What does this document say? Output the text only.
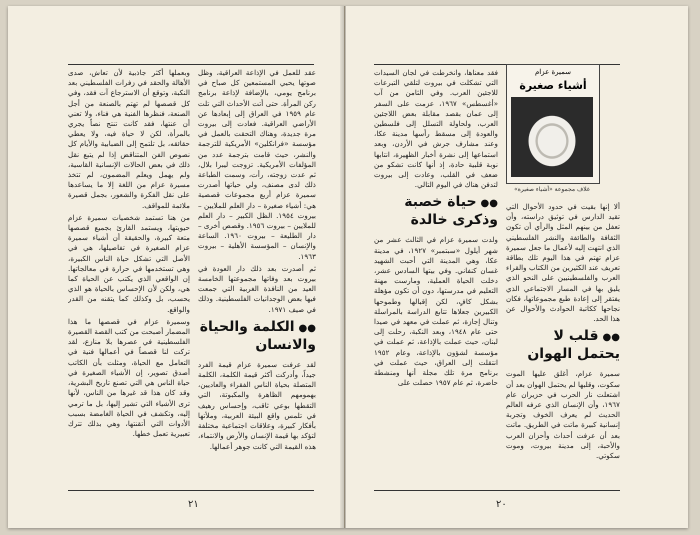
عقد للعمل في الإذاعة العراقية، وظل صوتها يحيي المستمعين كل صباح في برنامج يومي، بالإضافة لإذاعة برنامج ركن المرأة. حتى أتت الأحداث التي تلت عام ١٩٥٩ في العراق إلى إبعادها عن الأراضي العراقية. فعادت إلى بيروت مرة جديدة، وهناك التحقت بالعمل في مؤسسة «فرانكلين» الأمريكية للترجمة والنشر، حيث قامت بترجمة عدد من المؤلفات الأمريكية. تزوجت ليبرا بلال، ثم عدت زوجته، رأت، وسمت الطباعة ذلك لدى مصنف، ولي حياتها أصدرت سميرة عزام أربع مجموعات قصصية هي: أشياء صغيرة – دار العلم للملايين – بيروت ١٩٥٤. الظل الكبير – دار العلم للملايين – بيروت ١٩٥٦. وقصص أخرى – دار الطليعة – بيروت ١٩٦٠. الساعة والإنسان – المؤسسة الأهلية – بيروت ١٩٦٣.

ثم أصدرت بعد ذلك دار العودة في بيروت بعد وفاتها مجموعتها الخامسة العيد من النافذة الغربية التي جمعت فيها بعض الوجدانيات الفلسطينية. وذلك في صيف ١٩٧١.

●●الكلمة والحياة والانسان

لقد عرفت سميرة عزام قيمة الفرد جيداً، وأدركت أكثر قيمة الكلمة، الكلمة المتصلة بحياة الناس الفقراء والعاديين، بهمومهم الظاهرة والمكبوتة، التي التقطها بوعي ثاقب، وإحساس رهيف في تلمس واقع البيئة العربية، وملأتها بأفكار كبيرة، وعلاقات اجتماعية مختلفة لتؤكد بها قيمة الإنسان والأرض والانتماء، هذه القيمة التي كانت جوهر أعمالها.

وبعملها أكثر جاذبية لأن تعاش، صدى الأهالة والحقد في زفرات الفلسطيني بعد النكبة، وتوقع أن الاسترجاع آت فقد، وفي كل قصصها لم تهتم بالصنعة من أجل الصنعة، فنظرها الفنية هي فناء، ولا تعني أن عنتها، فقد كانت تنتج نصاً يجري بالمرأة، لكن لا حياة فيه، ولا يعطي حقائقه، بل تلتمح إلى الضبابية والأيام كل نصوص الفن المتناقض إذا لم يتبع نقل ذلك في بعض الحالات الإنسانية القاسية، ولم يهمل ويعلم المضمون، لم تتخذ مسيرة عزام من اللغة إلا ما يساعدها على نقل الفكرة والشعور، بجمل قصيرة ملائمة للمواقف.

من هنا تستمد شخصيات سميرة عزام حيويتها، ويستمد القارئ بجميع قصصها متعة كبيرة، والحقيقة أن أشياء سميرة عزام الصغيرة في تفاصيلها، هي في الأصل التي تشكل حياة الناس الكبيرة، وهي تستخدمها في حرارة في معالجاتها. إن الواقعي الذي يكتب عن الحياة كما هي، ولكن لأن الإحساس بالحياة هو الذي يحسب، بل وكذلك كما يتقنه من القدر والواقع.

وسميرة عزام في قصصها ما هذا المضمار أصبحت من كتب القصة القصيرة الفلسطينية في عصرها بلا منازع، لقد تركت لنا قصصاً في أعمالها فنية في التعامل مع الحياة، ومثلت بأن الكاتب أصدق تصوير، إن الأشياء الصغيرة في حياة الناس هي التي تصنع تاريخ البشرية، وقد كان هذا قد غيرها من الناس، لأنها ترى الأشياء التي تشير إليها، بل ما ترمي إليه، وتكشف في الحياة الغامضة بسبب الأدوات التي أتقنتها، وهي بذلك تترك تعبيرية تعمل خطها.

٢١
سميرة عزام
أشياء صغيرة
غلاف مجموعة «أشياء صغيرة»

ألا إنها بقيت في حدود الأحوال التي تقيد الدارس في توثيق دراسته، وأن تعفل من بينهم المثل والرأي أن تكون الثقافة والطائفة والنشر الفلسطيني الذي انتهت إليه لأعمال ما جعل سميرة عزام تهتم في هذا اليوم تلك بطاقة تعريف عند الكثيرين من الكتاب والقراء العرب والفلسطينيين على النحو الذي يليق بها في المسار الاجتماعي الذي يفتقر إلى إعادة طبع مجموعاتها، فكان نجاحها ككاتبة الحوادث والأحوال عن هذا الحد.

●●قلب لا يحتمل الهوان

سميرة عزام، أغلق عليها الموت سكوت، وقلبها لم يحتمل الهوان بعد أن اشتعلت نار الحرب في حزيران عام ١٩٦٧، وأن الإنسان الذي عرفه العالم الحديث لم يعرف الخوف وتجربة إنسانية كبيرة ماتت في الطريق. ماتت بعد أن عرفت أحداث وأحزان العرب والأحبة، إلى مدينة بيروت، وموت سكوتي.

فقد معناها، وانخرطت في لجان السيدات التي تشكلت في بيروت لتلقي التبرعات للاجئين العرب. وفي الثامن من آب «أغسطس» ١٩٦٧، عزمت على السفر إلى عمان بقصد مقابلة بعض اللاجئين العرب، ولحاولة التسلل إلى فلسطين والعودة إلى مسقط رأسها مدينة عكا، وعند مشارف جرش في الأردن، وبعد استماعها إلى نشرة أخبار الظهيرة، انتابها نوبة قلبية حادة، إذ أنها كانت تشكو من ضعف في القلب، وعادت إلى بيروت لتدفن هناك في اليوم التالي.

●●حياة خصبة وذكرى خالدة

ولدت سميرة عزام في الثالث عشر من شهر أيلول «سبتمبر» ١٩٢٧، في مدينة عكا، وهي المدينة التي أحبت الشهيد غسان كنفاني. وفي بيتها السادس عشر، دخلت الحياة العملية، ومارست مهنة التعليم في مدرستها، دون أن تكون مؤهلة بشكل كافٍ، لكن إقبالها وطموحها الكبيرين جعلاها تتابع الدراسة بالمراسلة وتنال إجازة، ثم عملت في معهد في صيدا حتى عام ١٩٤٨، وبعد النكبة، رحلت إلى لبنان، حيث عملت بالإذاعة، ثم عملت في مؤسسة لشؤون بالإذاعة، وعام ١٩٥٢ انتقلت إلى العراق، حيث عملت في برنامج مرة تلك مجلة أنها ومنشطة حاضرة، ثم عام ١٩٥٧ حصلت على

٢٠
